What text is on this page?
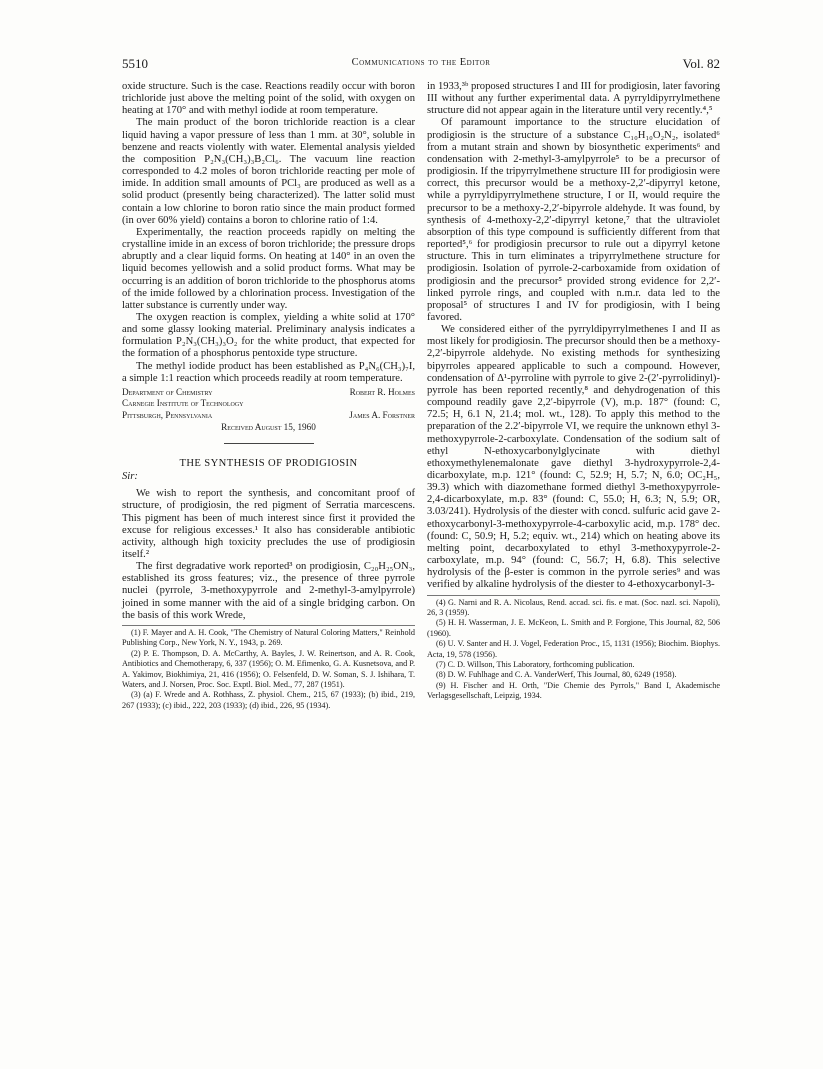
5510	Communications to the Editor	Vol. 82

oxide structure. Such is the case. Reactions readily occur with boron trichloride just above the melting point of the solid, with oxygen on heating at 170° and with methyl iodide at room temperature.

The main product of the boron trichloride reaction is a clear liquid having a vapor pressure of less than 1 mm. at 30°, soluble in benzene and reacts violently with water. Elemental analysis yielded the composition P₂N₃(CH₃)₃B₂Cl₆. The vacuum line reaction corresponded to 4.2 moles of boron trichloride reacting per mole of imide. In addition small amounts of PCl₃ are produced as well as a solid product (presently being characterized). The latter solid must contain a low chlorine to boron ratio since the main product formed (in over 60% yield) contains a boron to chlorine ratio of 1:4.

Experimentally, the reaction proceeds rapidly on melting the crystalline imide in an excess of boron trichloride; the pressure drops abruptly and a clear liquid forms. On heating at 140° in an oven the liquid becomes yellowish and a solid product forms. What may be occurring is an addition of boron trichloride to the phosphorus atoms of the imide followed by a chlorination process. Investigation of the latter substance is currently under way.

The oxygen reaction is complex, yielding a white solid at 170° and some glassy looking material. Preliminary analysis indicates a formulation P₂N₃(CH₃)₃O₂ for the white product, that expected for the formation of a phosphorus pentoxide type structure.

The methyl iodide product has been established as P₄N₆(CH₃)₇I, a simple 1:1 reaction which proceeds readily at room temperature.

Department of Chemistry	Robert R. Holmes
Carnegie Institute of Technology
Pittsburgh, Pennsylvania	James A. Forstner
Received August 15, 1960
THE SYNTHESIS OF PRODIGIOSIN
Sir:

We wish to report the synthesis, and concomitant proof of structure, of prodigiosin, the red pigment of Serratia marcescens. This pigment has been of much interest since first it provided the excuse for religious excesses.¹ It also has considerable antibiotic activity, although high toxicity precludes the use of prodigiosin itself.²

The first degradative work reported³ on prodigiosin, C₂₀H₂₅ON₃, established its gross features; viz., the presence of three pyrrole nuclei (pyrrole, 3-methoxypyrrole and 2-methyl-3-amylpyrrole) joined in some manner with the aid of a single bridging carbon. On the basis of this work Wrede,

(1) F. Mayer and A. H. Cook, "The Chemistry of Natural Coloring Matters," Reinhold Publishing Corp., New York, N. Y., 1943, p. 269.
(2) P. E. Thompson, D. A. McCarthy, A. Bayles, J. W. Reinertson, and A. R. Cook, Antibiotics and Chemotherapy, 6, 337 (1956); O. M. Efimenko, G. A. Kusnetsova, and P. A. Yakimov, Biokhimiya, 21, 416 (1956); O. Felsenfeld, D. W. Soman, S. J. Ishihara, T. Waters, and J. Norsen, Proc. Soc. Exptl. Biol. Med., 77, 287 (1951).
(3) (a) F. Wrede and A. Rothhass, Z. physiol. Chem., 215, 67 (1933); (b) ibid., 219, 267 (1933); (c) ibid., 222, 203 (1933); (d) ibid., 226, 95 (1934).

in 1933,³ᵇ proposed structures I and III for prodigiosin, later favoring III without any further experimental data. A pyrryldipyrrylmethene structure did not appear again in the literature until very recently.⁴,⁵

Of paramount importance to the structure elucidation of prodigiosin is the structure of a substance C₁₀H₁₀O₂N₂, isolated⁶ from a mutant strain and shown by biosynthetic experiments⁶ and condensation with 2-methyl-3-amylpyrrole⁵ to be a precursor of prodigiosin. If the tripyrrylmethene structure III for prodigiosin were correct, this precursor would be a methoxy-2,2′-dipyrryl ketone, while a pyrryldipyrrylmethene structure, I or II, would require the precursor to be a methoxy-2,2′-bipyrrole aldehyde. It was found, by synthesis of 4-methoxy-2,2′-dipyrryl ketone,⁷ that the ultraviolet absorption of this type compound is sufficiently different from that reported⁵,⁶ for prodigiosin precursor to rule out a dipyrryl ketone structure. This in turn eliminates a tripyrrylmethene structure for prodigiosin. Isolation of pyrrole-2-carboxamide from oxidation of prodigiosin and the precursor⁵ provided strong evidence for 2,2′-linked pyrrole rings, and coupled with n.m.r. data led to the proposal⁵ of structures I and IV for prodigiosin, with I being favored.

We considered either of the pyrryldipyrrylmethenes I and II as most likely for prodigiosin. The precursor should then be a methoxy-2,2′-bipyrrole aldehyde. No existing methods for synthesizing bipyrroles appeared applicable to such a compound. However, condensation of Δ¹-pyrroline with pyrrole to give 2-(2′-pyrrolidinyl)-pyrrole has been reported recently,⁸ and dehydrogenation of this compound readily gave 2,2′-bipyrrole (V), m.p. 187° (found: C, 72.5; H, 6.1 N, 21.4; mol. wt., 128). To apply this method to the preparation of the 2.2′-bipyrrole VI, we require the unknown ethyl 3-methoxypyrrole-2-carboxylate. Condensation of the sodium salt of ethyl N-ethoxycarbonylglycinate with diethyl ethoxymethylenemalonate gave diethyl 3-hydroxypyrrole-2,4-dicarboxylate, m.p. 121° (found: C, 52.9; H, 5.7; N, 6.0; OC₂H₅, 39.3) which with diazomethane formed diethyl 3-methoxypyrrole-2,4-dicarboxylate, m.p. 83° (found: C, 55.0; H, 6.3; N, 5.9; OR, 3.03/241). Hydrolysis of the diester with concd. sulfuric acid gave 2-ethoxycarbonyl-3-methoxypyrrole-4-carboxylic acid, m.p. 178° dec. (found: C, 50.9; H, 5.2; equiv. wt., 214) which on heating above its melting point, decarboxylated to ethyl 3-methoxypyrrole-2-carboxylate, m.p. 94° (found: C, 56.7; H, 6.8). This selective hydrolysis of the β-ester is common in the pyrrole series⁹ and was verified by alkaline hydrolysis of the diester to 4-ethoxycarbonyl-3-

(4) G. Narni and R. A. Nicolaus, Rend. accad. sci. fis. e mat. (Soc. nazl. sci. Napoli), 26, 3 (1959).
(5) H. H. Wasserman, J. E. McKeon, L. Smith and P. Forgione, This Journal, 82, 506 (1960).
(6) U. V. Santer and H. J. Vogel, Federation Proc., 15, 1131 (1956); Biochim. Biophys. Acta, 19, 578 (1956).
(7) C. D. Willson, This Laboratory, forthcoming publication.
(8) D. W. Fuhlhage and C. A. VanderWerf, This Journal, 80, 6249 (1958).
(9) H. Fischer and H. Orth, "Die Chemie des Pyrrols," Band I, Akademische Verlagsgesellschaft, Leipzig, 1934.
